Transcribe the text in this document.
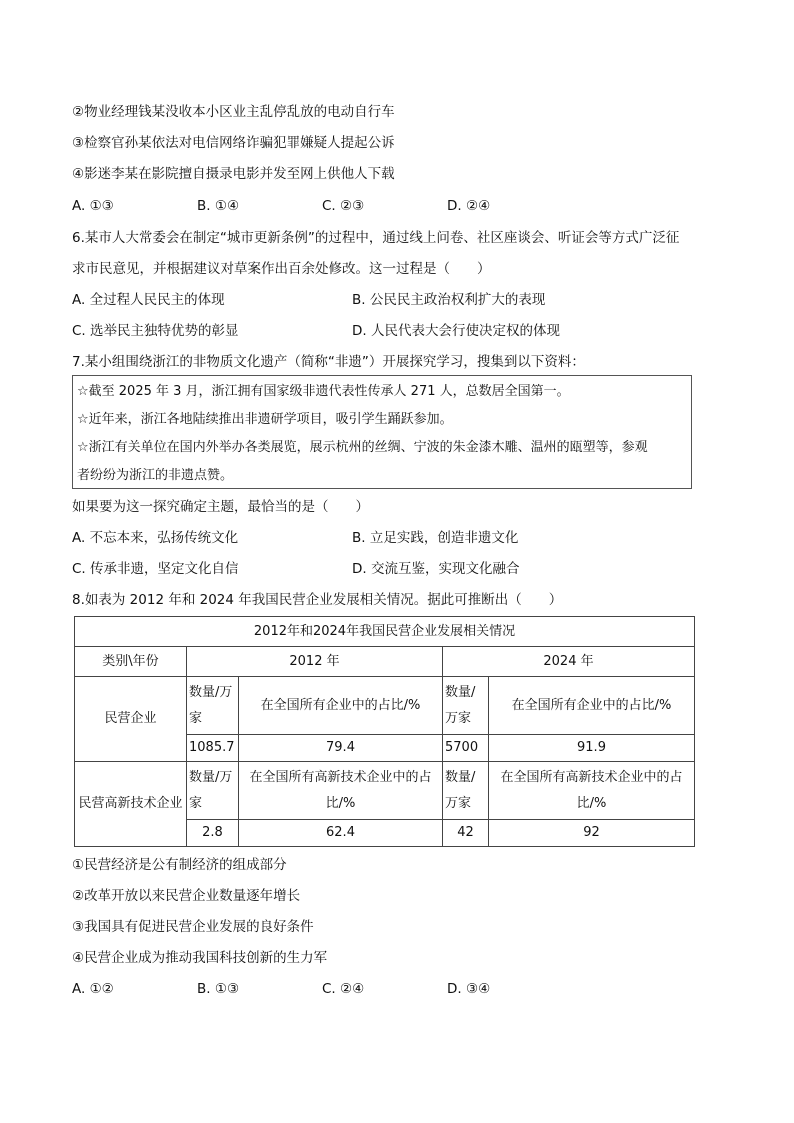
②物业经理钱某没收本小区业主乱停乱放的电动自行车
③检察官孙某依法对电信网络诈骗犯罪嫌疑人提起公诉
④影迷李某在影院擅自摄录电影并发至网上供他人下载
A. ①③	B. ①④	C. ②③	D. ②④
6.某市人大常委会在制定“城市更新条例”的过程中，通过线上问卷、社区座谈会、听证会等方式广泛征
求市民意见，并根据建议对草案作出百余处修改。这一过程是（　　）
A. 全过程人民民主的体现	B. 公民民主政治权利扩大的表现
C. 选举民主独特优势的彰显	D. 人民代表大会行使决定权的体现
7.某小组围绕浙江的非物质文化遗产（简称“非遗”）开展探究学习，搜集到以下资料：
☆截至 2025 年 3 月，浙江拥有国家级非遗代表性传承人 271 人，总数居全国第一。
☆近年来，浙江各地陆续推出非遗研学项目，吸引学生踊跃参加。
☆浙江有关单位在国内外举办各类展览，展示杭州的丝绸、宁波的朱金漆木雕、温州的瓯塑等，参观
者纷纷为浙江的非遗点赞。
如果要为这一探究确定主题，最恰当的是（　　）
A. 不忘本来，弘扬传统文化	B. 立足实践，创造非遗文化
C. 传承非遗，坚定文化自信	D. 交流互鉴，实现文化融合
8.如表为 2012 年和 2024 年我国民营企业发展相关情况。据此可推断出（　　）
2012年和2024年我国民营企业发展相关情况				
类别\年份	2012 年		2024 年	
民营企业	数量/万家	在全国所有企业中的占比/%	数量/万家	在全国所有企业中的占比/%
	1085.7	79.4	5700	91.9
民营高新技术企业	数量/万家	在全国所有高新技术企业中的占比/%	数量/万家	在全国所有高新技术企业中的占比/%
	2.8	62.4	42	92
①民营经济是公有制经济的组成部分
②改革开放以来民营企业数量逐年增长
③我国具有促进民营企业发展的良好条件
④民营企业成为推动我国科技创新的生力军
A. ①②	B. ①③	C. ②④	D. ③④
